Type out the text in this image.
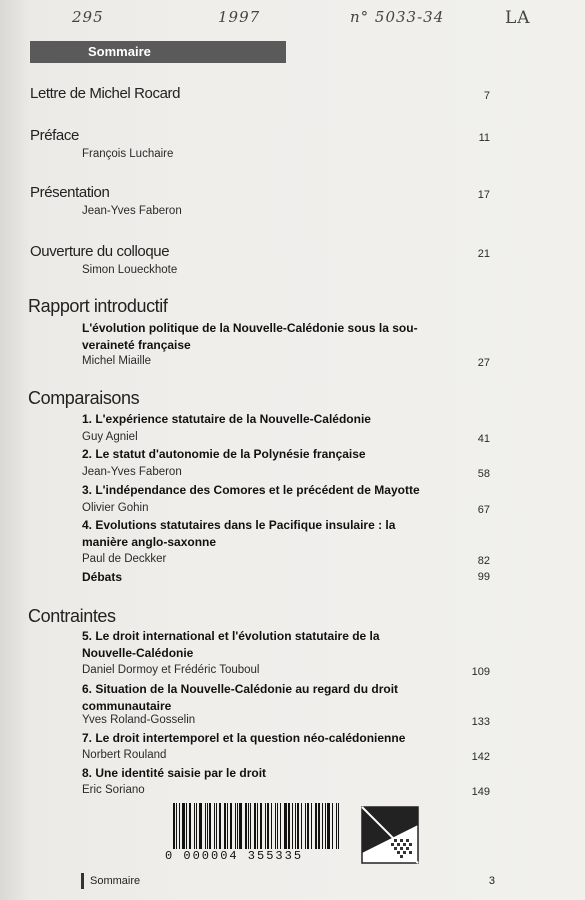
295	1997	n° 5033-34	LA
Sommaire
Lettre de Michel Rocard	7
Préface	11
François Luchaire
Présentation	17
Jean-Yves Faberon
Ouverture du colloque	21
Simon Loueckhote
Rapport introductif
L'évolution politique de la Nouvelle-Calédonie sous la sou-
veraineté française
Michel Miaille	27
Comparaisons
1. L'expérience statutaire de la Nouvelle-Calédonie
Guy Agniel	41
2. Le statut d'autonomie de la Polynésie française
Jean-Yves Faberon	58
3. L'indépendance des Comores et le précédent de Mayotte
Olivier Gohin	67
4. Evolutions statutaires dans le Pacifique insulaire : la
manière anglo-saxonne
Paul de Deckker	82
Débats	99
Contraintes
5. Le droit international et l'évolution statutaire de la
Nouvelle-Calédonie
Daniel Dormoy et Frédéric Touboul	109
6. Situation de la Nouvelle-Calédonie au regard du droit
communautaire
Yves Roland-Gosselin	133
7. Le droit intertemporel et la question néo-calédonienne
Norbert Rouland	142
8. Une identité saisie par le droit
Eric Soriano	149
0 000004 355335
Sommaire	3
